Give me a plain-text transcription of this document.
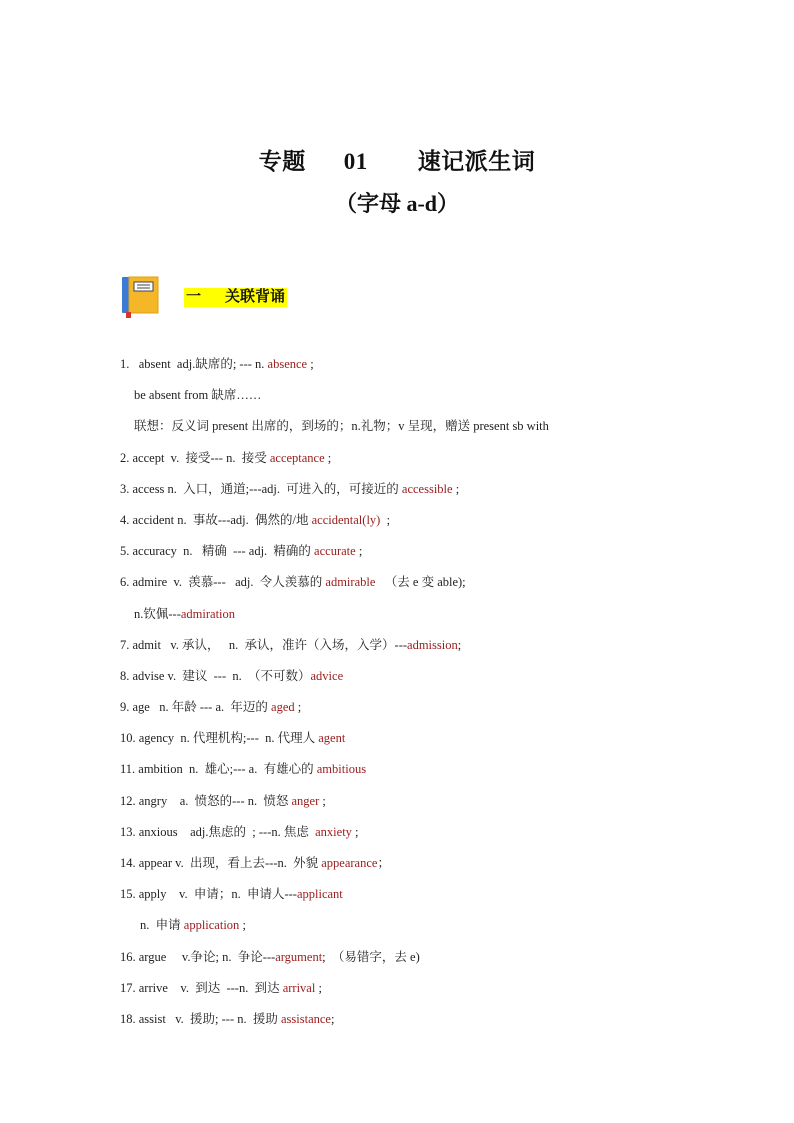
专题 01 速记派生词
（字母 a-d）
一 关联背诵
1.   absent  adj.缺席的; --- n. absence ;
be absent from 缺席……
联想：反义词 present 出席的，到场的；n.礼物；v 呈现，赠送 present sb with
2. accept  v.  接受--- n.  接受 acceptance ;
3. access n.  入口，通道;---adj.  可进入的，可接近的 accessible ;
4. accident n.  事故---adj.  偶然的/地 accidental(ly)  ;
5. accuracy  n.   精确  --- adj.  精确的 accurate ;
6. admire  v.  羡慕---   adj.  令人羡慕的 admirable   （去 e 变 able);
n.钦佩---admiration
7. admit   v. 承认，   n.  承认，准许（入场，入学）---admission;
8. advise v.  建议  ---  n.  （不可数）advice
9. age   n. 年龄 --- a.  年迈的 aged ;
10. agency  n. 代理机构;---  n. 代理人 agent
11. ambition  n.  雄心;--- a.  有雄心的 ambitious
12. angry    a.  愤怒的--- n.  愤怒 anger ;
13. anxious    adj.焦虑的  ; ---n. 焦虑  anxiety ;
14. appear v.  出现，看上去---n.  外貌 appearance；
15. apply    v.  申请；n.  申请人---applicant
n.  申请 application ;
16. argue     v.争论; n.  争论---argument;  （易错字，去 e)
17. arrive    v.  到达  ---n.  到达 arrival ;
18. assist   v.  援助; --- n.  援助 assistance;
